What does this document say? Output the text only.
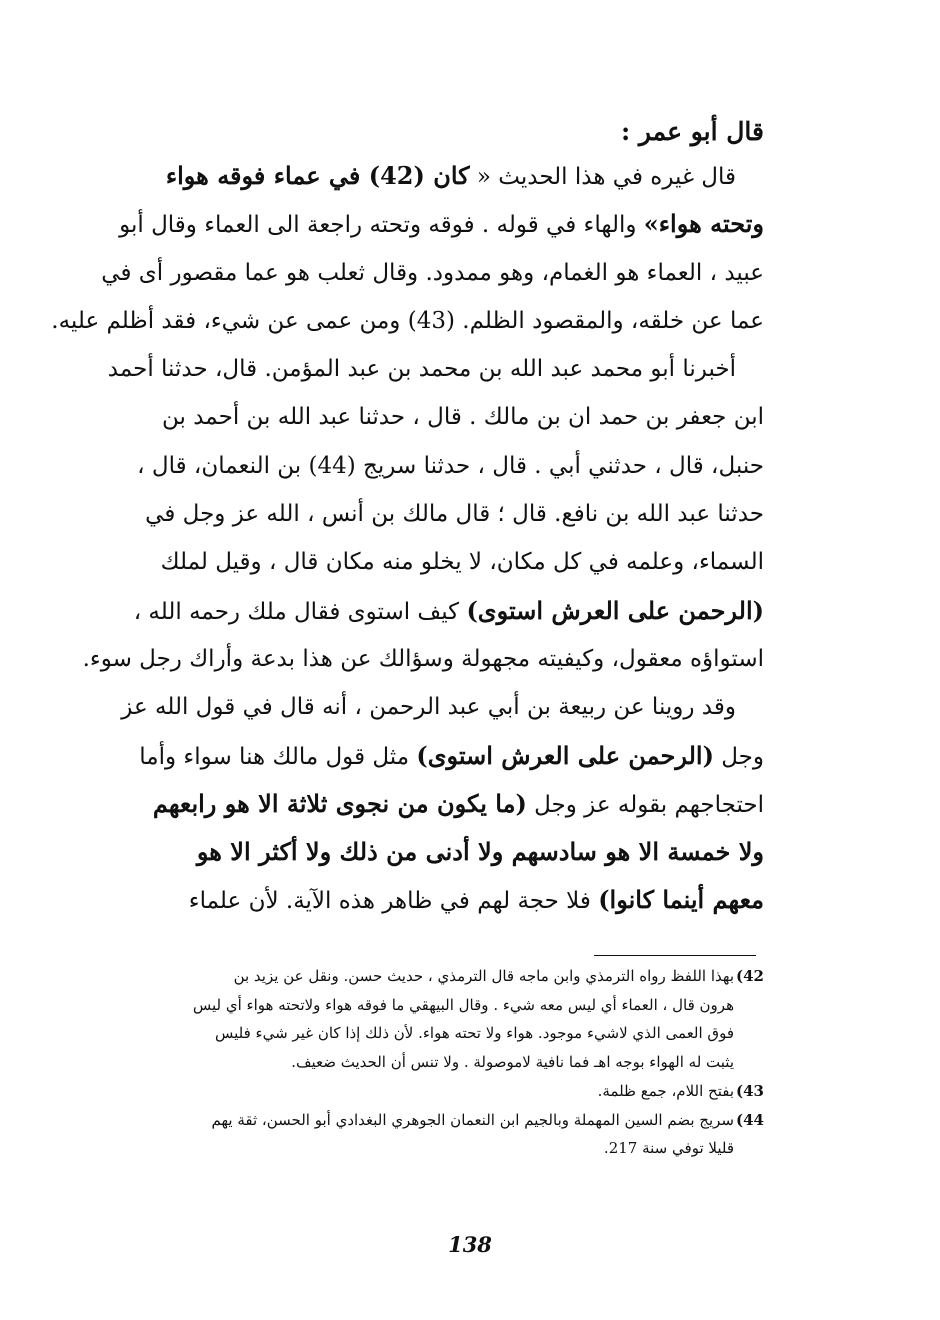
قال أبو عمر :
قال غيره في هذا الحديث « كان (42) في عماء فوقه هواء
وتحته هواء» والهاء في قوله . فوقه وتحته راجعة الى العماء وقال أبو
عبيد ، العماء هو الغمام، وهو ممدود. وقال ثعلب هو عما مقصور أى في
عما عن خلقه، والمقصود الظلم. (43) ومن عمى عن شيء، فقد أظلم عليه.
أخبرنا أبو محمد عبد الله بن محمد بن عبد المؤمن. قال، حدثنا أحمد
ابن جعفر بن حمد ان بن مالك . قال ، حدثنا عبد الله بن أحمد بن
حنبل، قال ، حدثني أبي . قال ، حدثنا سريج (44) بن النعمان، قال ،
حدثنا عبد الله بن نافع. قال ؛ قال مالك بن أنس ، الله عز وجل في
السماء، وعلمه في كل مكان، لا يخلو منه مكان قال ، وقيل لملك
(الرحمن على العرش استوى) كيف استوى فقال ملك رحمه الله ،
استواؤه معقول، وكيفيته مجهولة وسؤالك عن هذا بدعة وأراك رجل سوء.
وقد روينا عن ربيعة بن أبي عبد الرحمن ، أنه قال في قول الله عز
وجل (الرحمن على العرش استوى) مثل قول مالك هنا سواء وأما
احتجاجهم بقوله عز وجل (ما يكون من نجوى ثلاثة الا هو رابعهم
ولا خمسة الا هو سادسهم ولا أدنى من ذلك ولا أكثر الا هو
معهم أينما كانوا) فلا حجة لهم في ظاهر هذه الآية. لأن علماء
42)بهذا اللفظ رواه الترمذي وابن ماجه قال الترمذي ، حديث حسن. ونقل عن يزيد بن
هرون قال ، العماء أي ليس معه شيء . وقال البيهقي ما فوقه هواء ولاتحته هواء أي ليس
فوق العمى الذي لاشيء موجود. هواء ولا تحته هواء. لأن ذلك إذا كان غير شيء فليس
يثبت له الهواء بوجه اهـ فما نافية لاموصولة . ولا تنس أن الحديث ضعيف.
43)بفتح اللام، جمع ظلمة.
44)سريج بضم السين المهملة وبالجيم ابن النعمان الجوهري البغدادي أبو الحسن، ثقة يهم
قليلا توفي سنة 217.
138
